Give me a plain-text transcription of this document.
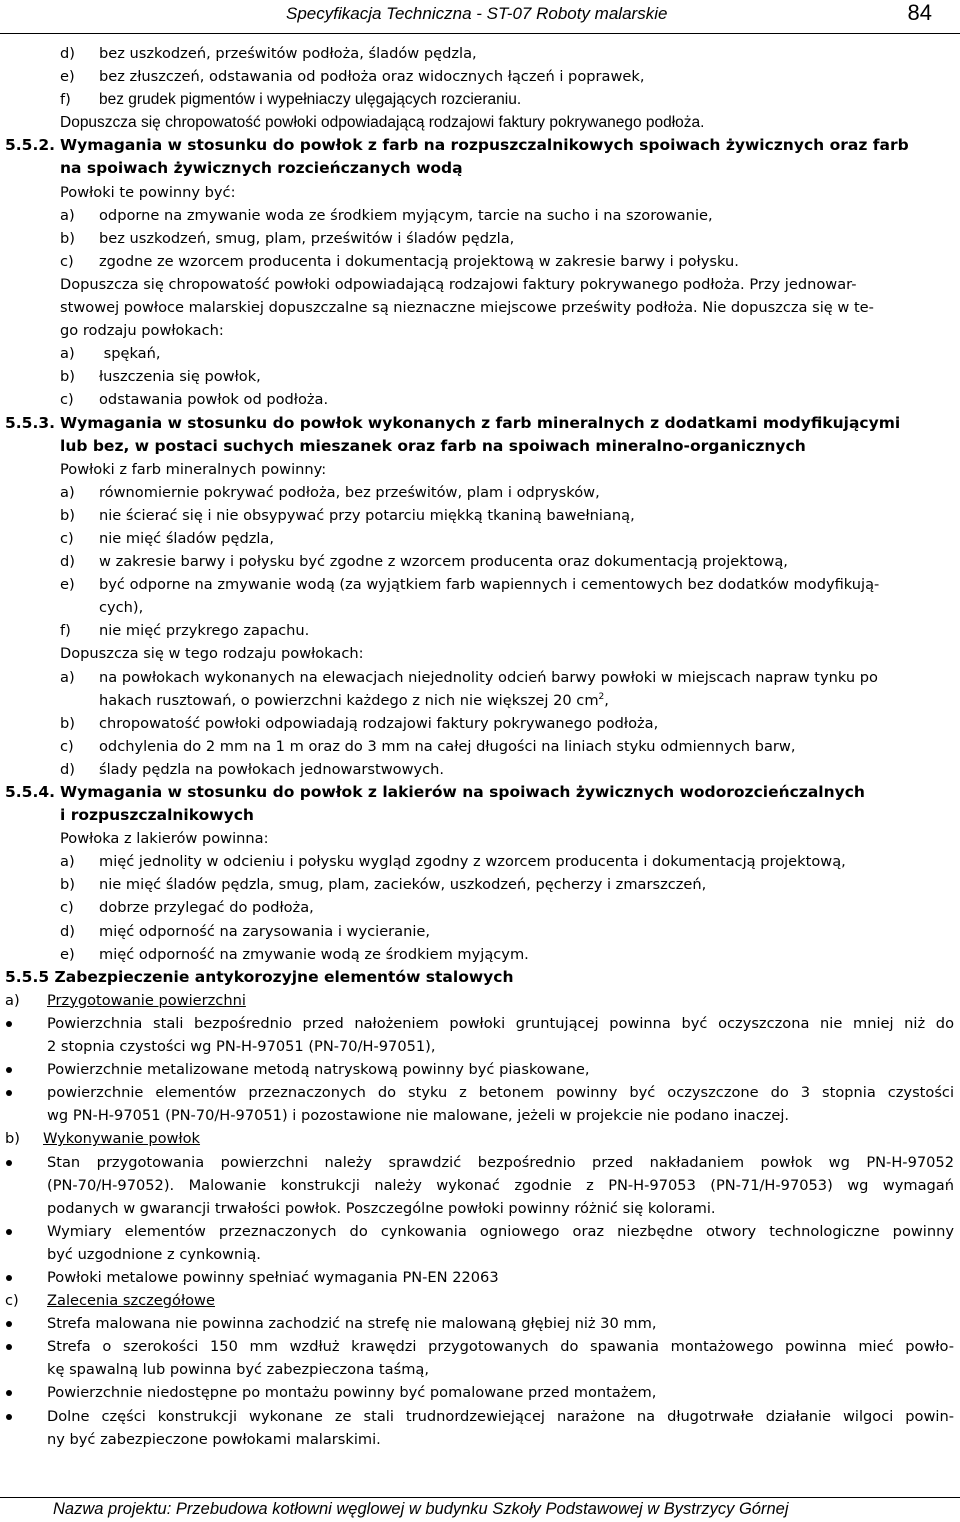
Specyfikacja Techniczna - ST-07 Roboty malarskie	84
d) bez uszkodzeń, prześwitów podłoża, śladów pędzla,
e) bez złuszczeń, odstawania od podłoża oraz widocznych łączeń i poprawek,
f) bez grudek pigmentów i wypełniaczy ulęgających rozcieraniu.
Dopuszcza się chropowatość powłoki odpowiadającą rodzajowi faktury pokrywanego podłoża.
5.5.2. Wymagania w stosunku do powłok z farb na rozpuszczalnikowych spoiwach żywicznych oraz farb
na spoiwach żywicznych rozcieńczanych wodą
Powłoki te powinny być:
a) odporne na zmywanie woda ze środkiem myjącym, tarcie na sucho i na szorowanie,
b) bez uszkodzeń, smug, plam, prześwitów i śladów pędzla,
c) zgodne ze wzorcem producenta i dokumentacją projektową w zakresie barwy i połysku.
Dopuszcza się chropowatość powłoki odpowiadającą rodzajowi faktury pokrywanego podłoża. Przy jednowar-
stwowej powłoce malarskiej dopuszczalne są nieznaczne miejscowe prześwity podłoża. Nie dopuszcza się w te-
go rodzaju powłokach:
a) spękań,
b) łuszczenia się powłok,
c) odstawania powłok od podłoża.
5.5.3. Wymagania w stosunku do powłok wykonanych z farb mineralnych z dodatkami modyfikującymi
lub bez, w postaci suchych mieszanek oraz farb na spoiwach mineralno-organicznych
Powłoki z farb mineralnych powinny:
a) równomiernie pokrywać podłoża, bez prześwitów, plam i odprysków,
b) nie ścierać się i nie obsypywać przy potarciu miękką tkaniną bawełnianą,
c) nie mięć śladów pędzla,
d) w zakresie barwy i połysku być zgodne z wzorcem producenta oraz dokumentacją projektową,
e) być odporne na zmywanie wodą (za wyjątkiem farb wapiennych i cementowych bez dodatków modyfikują-
cych),
f) nie mięć przykrego zapachu.
Dopuszcza się w tego rodzaju powłokach:
a) na powłokach wykonanych na elewacjach niejednolity odcień barwy powłoki w miejscach napraw tynku po
hakach rusztowań, o powierzchni każdego z nich nie większej 20 $cm^2$,
b) chropowatość powłoki odpowiadają rodzajowi faktury pokrywanego podłoża,
c) odchylenia do 2 mm na 1 m oraz do 3 mm na całej długości na liniach styku odmiennych barw,
d) ślady pędzla na powłokach jednowarstwowych.
5.5.4. Wymagania w stosunku do powłok z lakierów na spoiwach żywicznych wodorozcieńczalnych
i rozpuszczalnikowych
Powłoka z lakierów powinna:
a) mięć jednolity w odcieniu i połysku wygląd zgodny z wzorcem producenta i dokumentacją projektową,
b) nie mięć śladów pędzla, smug, plam, zacieków, uszkodzeń, pęcherzy i zmarszczeń,
c) dobrze przylegać do podłoża,
d) mięć odporność na zarysowania i wycieranie,
e) mięć odporność na zmywanie wodą ze środkiem myjącym.
5.5.5 Zabezpieczenie antykorozyjne elementów stalowych
a) Przygotowanie powierzchni
Powierzchnia stali bezpośrednio przed nałożeniem powłoki gruntującej powinna być oczyszczona nie mniej niż do
2 stopnia czystości wg PN-H-97051 (PN-70/H-97051),
Powierzchnie metalizowane metodą natryskową powinny być piaskowane,
powierzchnie elementów przeznaczonych do styku z betonem powinny być oczyszczone do 3 stopnia czystości
wg PN-H-97051 (PN-70/H-97051) i pozostawione nie malowane, jeżeli w projekcie nie podano inaczej.
b) Wykonywanie powłok
Stan przygotowania powierzchni należy sprawdzić bezpośrednio przed nakładaniem powłok wg PN-H-97052
(PN-70/H-97052). Malowanie konstrukcji należy wykonać zgodnie z PN-H-97053 (PN-71/H-97053) wg wymagań
podanych w gwarancji trwałości powłok. Poszczególne powłoki powinny różnić się kolorami.
Wymiary elementów przeznaczonych do cynkowania ogniowego oraz niezbędne otwory technologiczne powinny
być uzgodnione z cynkownią.
Powłoki metalowe powinny spełniać wymagania PN-EN 22063
c) Zalecenia szczegółowe
Strefa malowana nie powinna zachodzić na strefę nie malowaną głębiej niż 30 mm,
Strefa o szerokości 150 mm wzdłuż krawędzi przygotowanych do spawania montażowego powinna mieć powło-
kę spawalną lub powinna być zabezpieczona taśmą,
Powierzchnie niedostępne po montażu powinny być pomalowane przed montażem,
Dolne części konstrukcji wykonane ze stali trudnordzewiejącej narażone na długotrwałe działanie wilgoci powin-
ny być zabezpieczone powłokami malarskimi.
Nazwa projektu: Przebudowa kotłowni węglowej w budynku Szkoły Podstawowej w Bystrzycy Górnej
